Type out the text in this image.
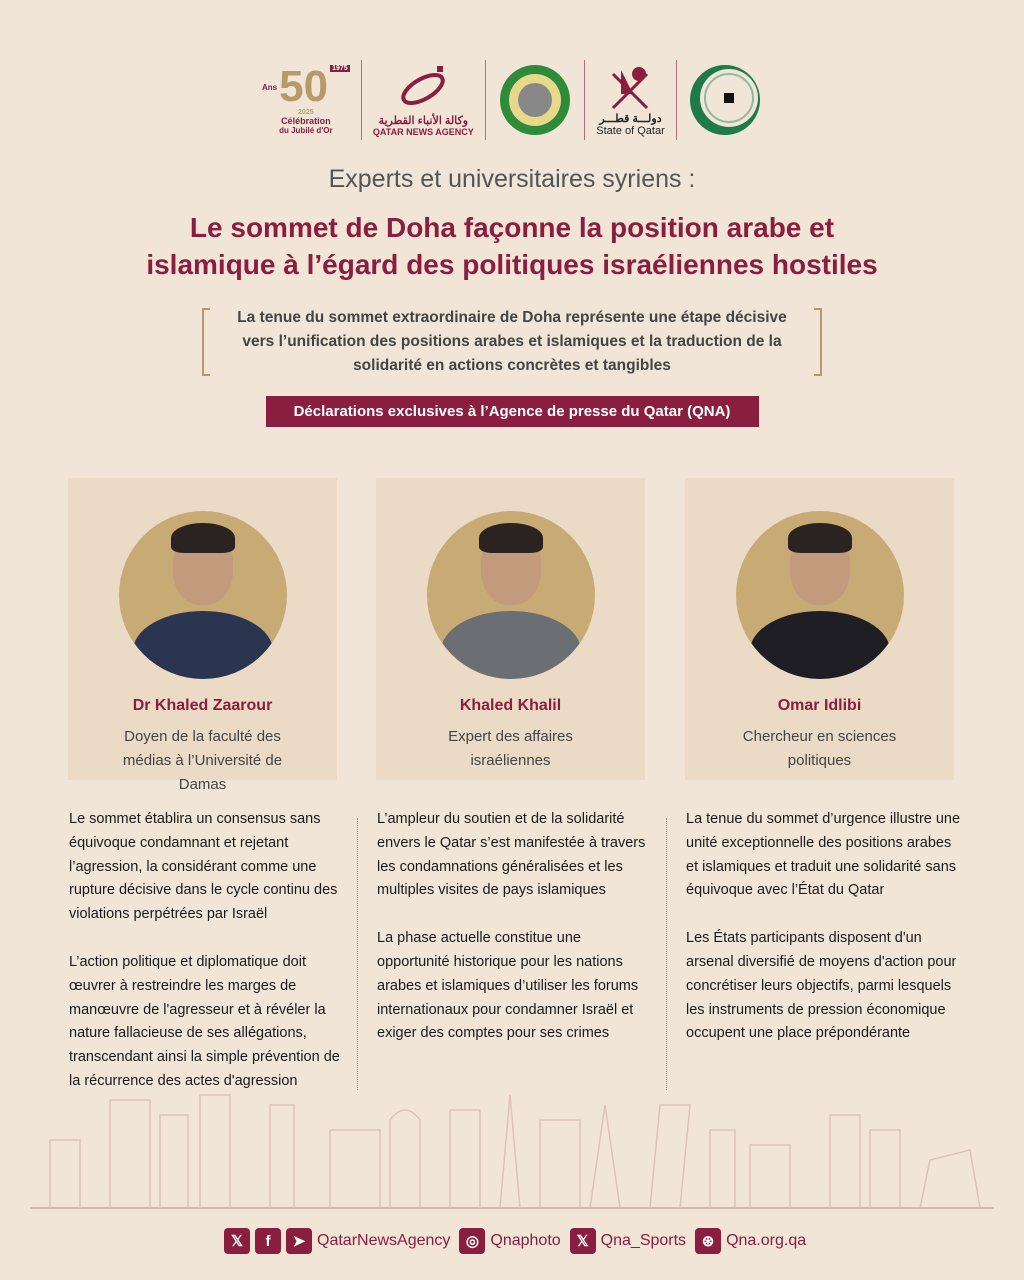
Ans 50 1975
2025
Célébration
du Jubilé d'Or
وكالة الأنباء القطرية
QATAR NEWS AGENCY
دولـــة قطـــر
State of Qatar
Experts et universitaires syriens :
Le sommet de Doha façonne la position arabe et
islamique à l’égard des politiques israéliennes hostiles
La tenue du sommet extraordinaire de Doha représente une étape décisive vers l’unification des positions arabes et islamiques et la traduction de la solidarité en actions concrètes et tangibles
Déclarations exclusives à l’Agence de presse du Qatar (QNA)
Dr Khaled Zaarour
Doyen de la faculté des médias à l’Université de Damas
Khaled Khalil
Expert des affaires israéliennes
Omar Idlibi
Chercheur en sciences politiques

Le sommet établira un consensus sans équivoque condamnant et rejetant l’agression, la considérant comme une rupture décisive dans le cycle continu des violations perpétrées par Israël

L’action politique et diplomatique doit œuvrer à restreindre les marges de manœuvre de l'agresseur et à révéler la nature fallacieuse de ses allégations, transcendant ainsi la simple prévention de la récurrence des actes d'agression

L’ampleur du soutien et de la solidarité envers le Qatar s’est manifestée à travers les condamnations généralisées et les multiples visites de pays islamiques

La phase actuelle constitue une opportunité historique pour les nations arabes et islamiques d’utiliser les forums internationaux pour condamner Israël et exiger des comptes pour ses crimes

La tenue du sommet d’urgence illustre une unité exceptionnelle des positions arabes et islamiques et traduit une solidarité sans équivoque avec l’État du Qatar

Les États participants disposent d'un arsenal diversifié de moyens d'action pour concrétiser leurs objectifs, parmi lesquels les instruments de pression économique occupent une place prépondérante

𝕏	f	➤ QatarNewsAgency	◎ Qnaphoto	𝕏 Qna_Sports	⊛ Qna.org.qa
